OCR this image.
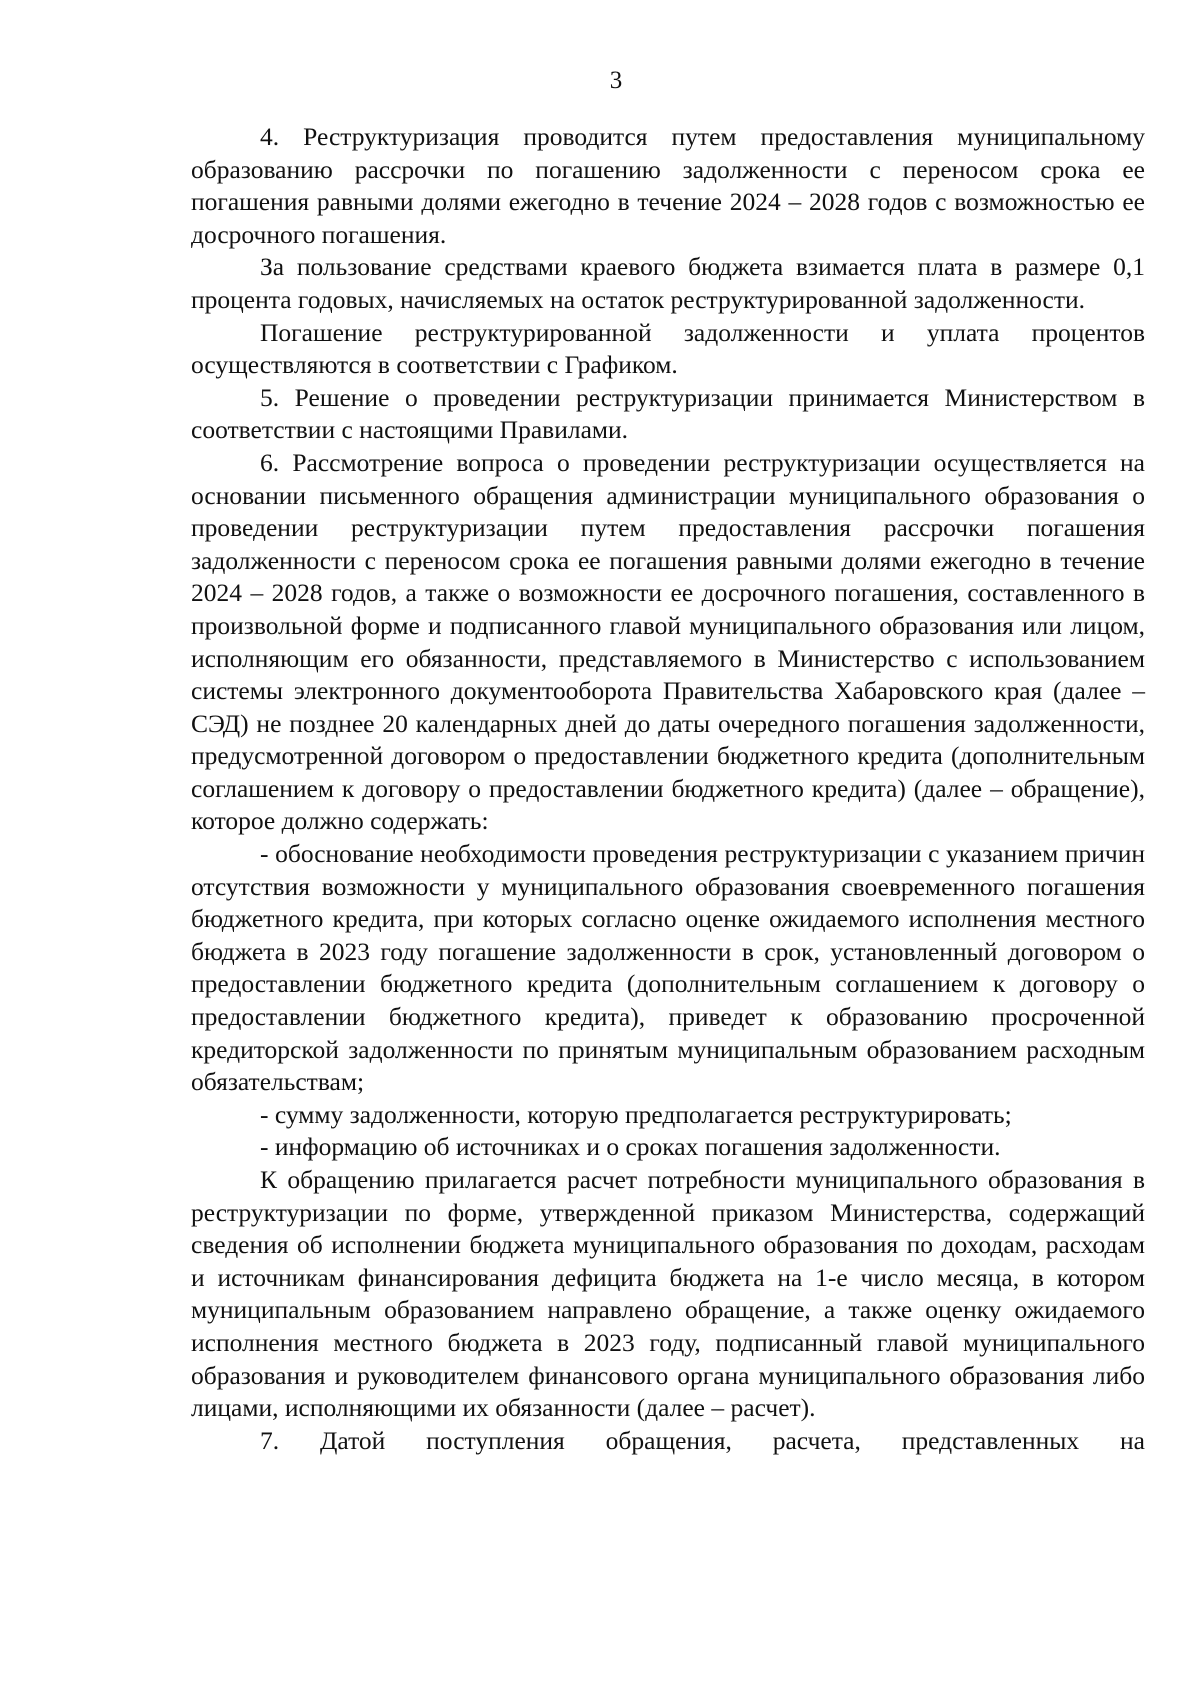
3

4. Реструктуризация проводится путем предоставления муниципальному образованию рассрочки по погашению задолженности с переносом срока ее погашения равными долями ежегодно в течение 2024 – 2028 годов с возможностью ее досрочного погашения.

За пользование средствами краевого бюджета взимается плата в размере 0,1 процента годовых, начисляемых на остаток реструктурированной задолженности.

Погашение реструктурированной задолженности и уплата процентов осуществляются в соответствии с Графиком.

5. Решение о проведении реструктуризации принимается Министерством в соответствии с настоящими Правилами.

6. Рассмотрение вопроса о проведении реструктуризации осуществляется на основании письменного обращения администрации муниципального образования о проведении реструктуризации путем предоставления рассрочки погашения задолженности с переносом срока ее погашения равными долями ежегодно в течение 2024 – 2028 годов, а также о возможности ее досрочного погашения, составленного в произвольной форме и подписанного главой муниципального образования или лицом, исполняющим его обязанности, представляемого в Министерство с использованием системы электронного документооборота Правительства Хабаровского края (далее – СЭД) не позднее 20 календарных дней до даты очередного погашения задолженности, предусмотренной договором о предоставлении бюджетного кредита (дополнительным соглашением к договору о предоставлении бюджетного кредита) (далее – обращение), которое должно содержать:

- обоснование необходимости проведения реструктуризации с указанием причин отсутствия возможности у муниципального образования своевременного погашения бюджетного кредита, при которых согласно оценке ожидаемого исполнения местного бюджета в 2023 году погашение задолженности в срок, установленный договором о предоставлении бюджетного кредита (дополнительным соглашением к договору о предоставлении бюджетного кредита), приведет к образованию просроченной кредиторской задолженности по принятым муниципальным образованием расходным обязательствам;

- сумму задолженности, которую предполагается реструктурировать;

- информацию об источниках и о сроках погашения задолженности.

К обращению прилагается расчет потребности муниципального образования в реструктуризации по форме, утвержденной приказом Министерства, содержащий сведения об исполнении бюджета муниципального образования по доходам, расходам и источникам финансирования дефицита бюджета на 1-е число месяца, в котором муниципальным образованием направлено обращение, а также оценку ожидаемого исполнения местного бюджета в 2023 году, подписанный главой муниципального образования и руководителем финансового органа муниципального образования либо лицами, исполняющими их обязанности (далее – расчет).

7. Датой поступления обращения, расчета, представленных на
